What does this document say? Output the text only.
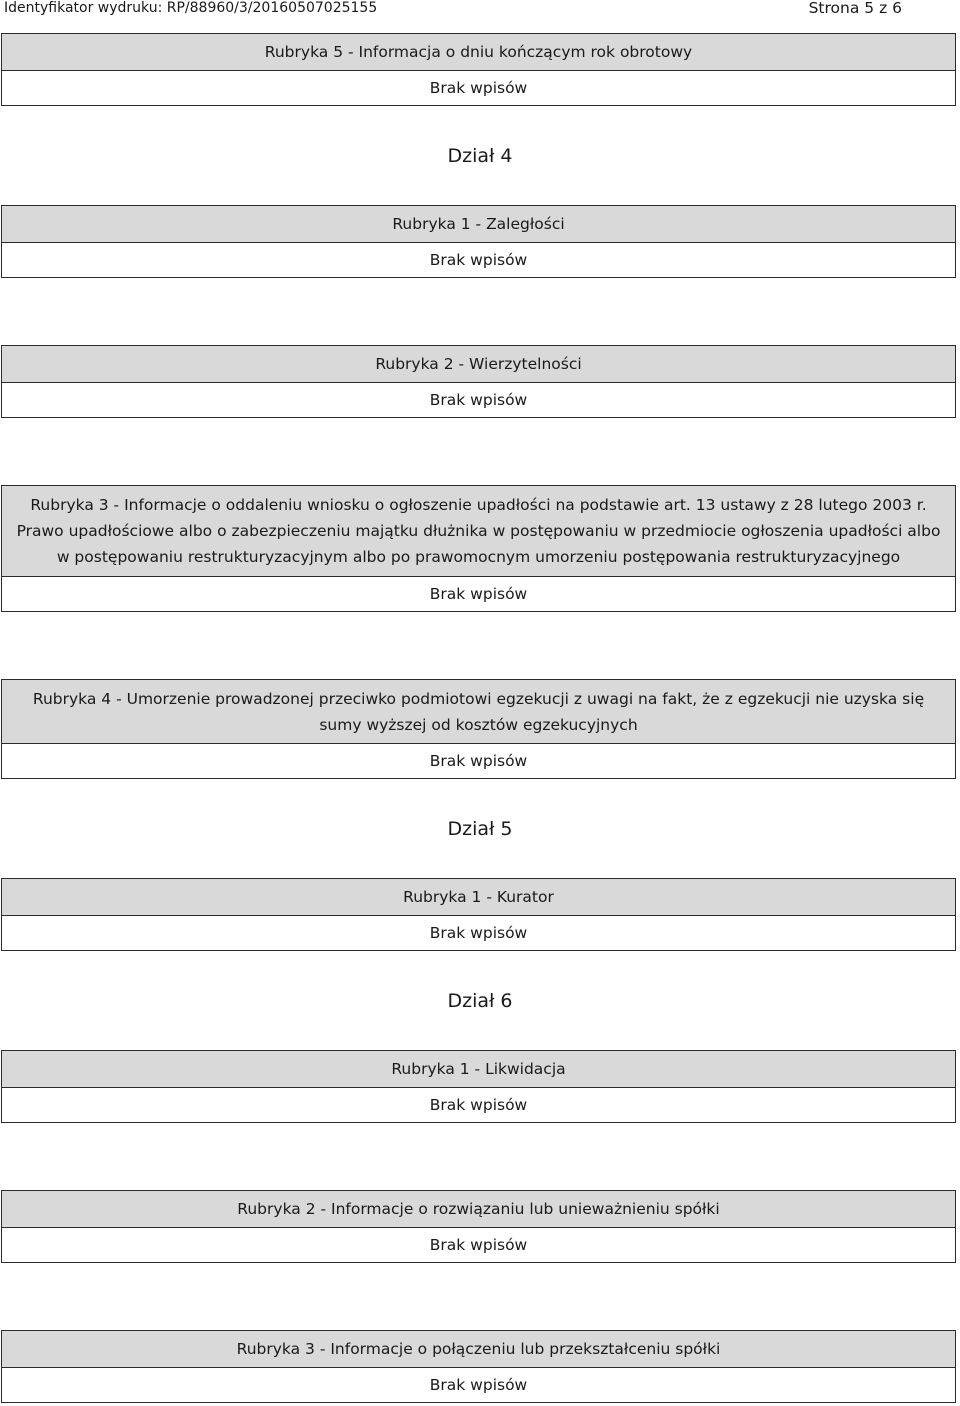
Identyfikator wydruku: RP/88960/3/20160507025155	Strona 5 z 6
Rubryka 5 - Informacja o dniu kończącym rok obrotowy
Brak wpisów
Dział 4
Rubryka 1 - Zaległości
Brak wpisów
Rubryka 2 - Wierzytelności
Brak wpisów
Rubryka 3 - Informacje o oddaleniu wniosku o ogłoszenie upadłości na podstawie art. 13 ustawy z 28 lutego 2003 r. Prawo upadłościowe albo o zabezpieczeniu majątku dłużnika w postępowaniu w przedmiocie ogłoszenia upadłości albo w postępowaniu restrukturyzacyjnym albo po prawomocnym umorzeniu postępowania restrukturyzacyjnego
Brak wpisów
Rubryka 4 - Umorzenie prowadzonej przeciwko podmiotowi egzekucji z uwagi na fakt, że z egzekucji nie uzyska się sumy wyższej od kosztów egzekucyjnych
Brak wpisów
Dział 5
Rubryka 1 - Kurator
Brak wpisów
Dział 6
Rubryka 1 - Likwidacja
Brak wpisów
Rubryka 2 - Informacje o rozwiązaniu lub unieważnieniu spółki
Brak wpisów
Rubryka 3 - Informacje o połączeniu lub przekształceniu spółki
Brak wpisów
